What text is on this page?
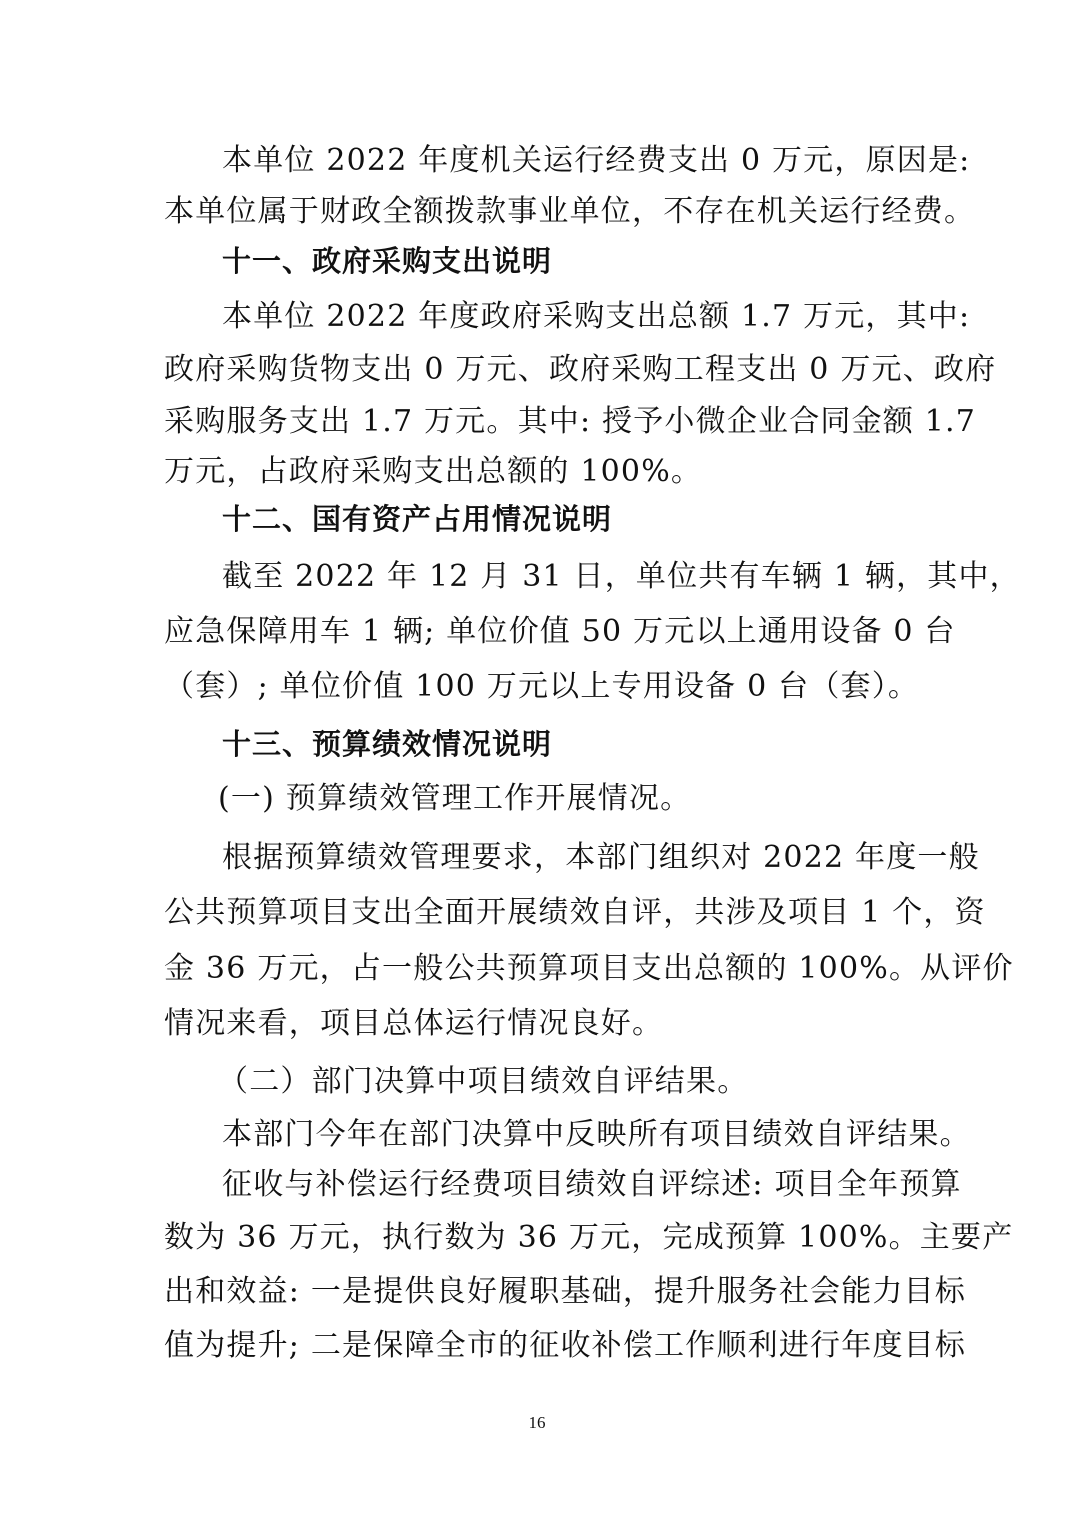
本单位 2022 年度机关运行经费支出 0 万元，原因是:
本单位属于财政全额拨款事业单位，不存在机关运行经费。
十一、政府采购支出说明
本单位 2022 年度政府采购支出总额 1.7 万元，其中:
政府采购货物支出 0 万元、政府采购工程支出 0 万元、政府
采购服务支出 1.7 万元。其中: 授予小微企业合同金额 1.7
万元，占政府采购支出总额的 100%。
十二、国有资产占用情况说明
截至 2022 年 12 月 31 日，单位共有车辆 1 辆，其中，
应急保障用车 1 辆; 单位价值 50 万元以上通用设备 0 台
（套）; 单位价值 100 万元以上专用设备 0 台（套）。
十三、预算绩效情况说明
(一) 预算绩效管理工作开展情况。
根据预算绩效管理要求，本部门组织对 2022 年度一般
公共预算项目支出全面开展绩效自评，共涉及项目 1 个，资
金 36 万元，占一般公共预算项目支出总额的 100%。从评价
情况来看，项目总体运行情况良好。
（二）部门决算中项目绩效自评结果。
本部门今年在部门决算中反映所有项目绩效自评结果。
征收与补偿运行经费项目绩效自评综述: 项目全年预算
数为 36 万元，执行数为 36 万元，完成预算 100%。主要产
出和效益: 一是提供良好履职基础，提升服务社会能力目标
值为提升; 二是保障全市的征收补偿工作顺利进行年度目标
16
